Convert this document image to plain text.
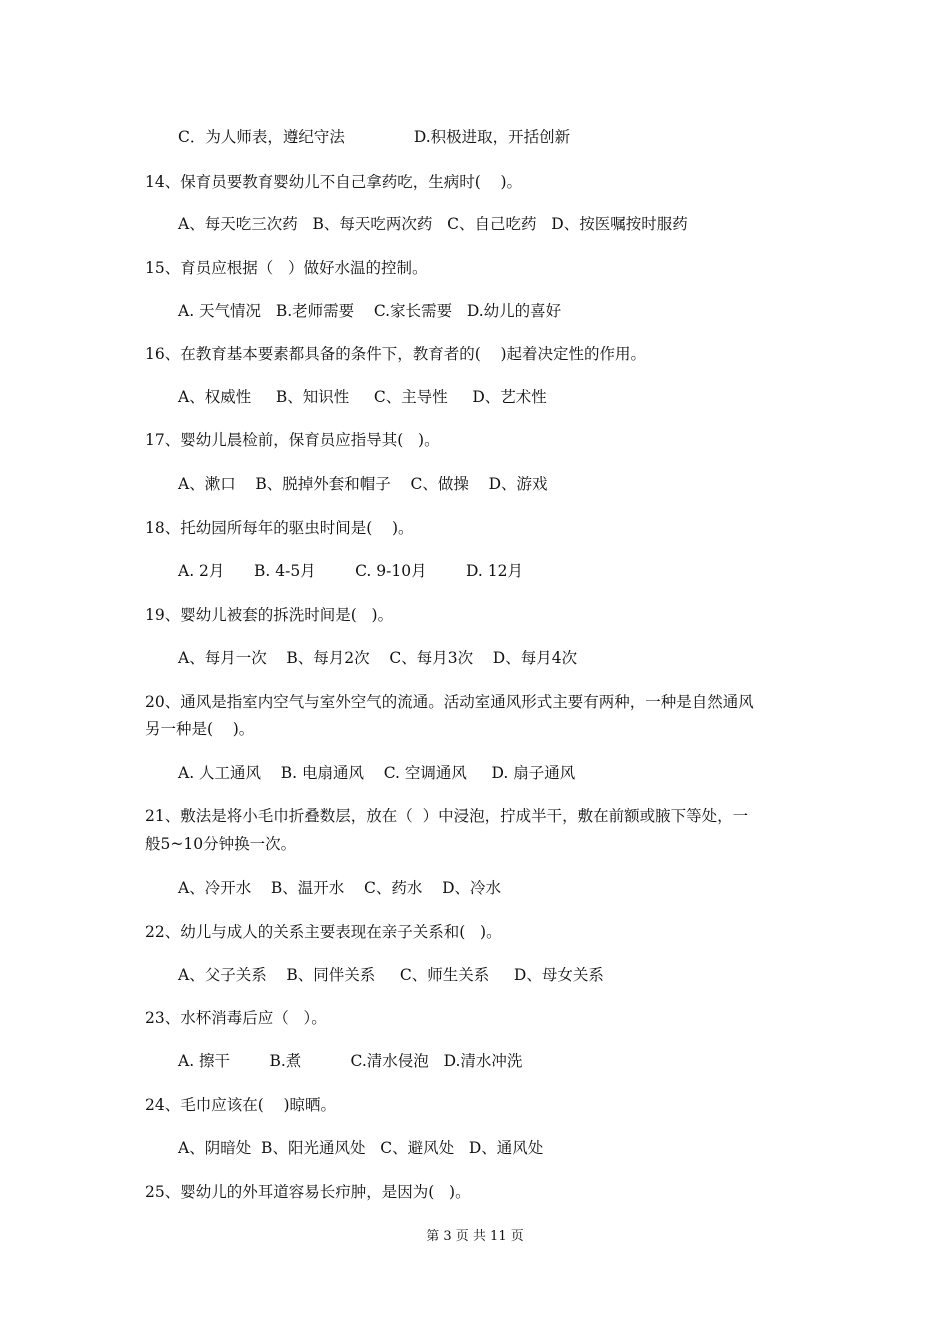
C．为人师表，遵纪守法              D.积极进取，开括创新
14、保育员要教育婴幼儿不自己拿药吃，生病时(    )。
A、每天吃三次药   B、每天吃两次药   C、自己吃药   D、按医嘱按时服药
15、育员应根据（   ）做好水温的控制。
A. 天气情况   B.老师需要    C.家长需要   D.幼儿的喜好
16、在教育基本要素都具备的条件下，教育者的(    )起着决定性的作用。
A、权威性     B、知识性     C、主导性     D、艺术性
17、婴幼儿晨检前，保育员应指导其(   )。
A、漱口    B、脱掉外套和帽子    C、做操    D、游戏
18、托幼园所每年的驱虫时间是(    )。
A. 2月      B. 4-5月        C. 9-10月        D. 12月
19、婴幼儿被套的拆洗时间是(   )。
A、每月一次    B、每月2次    C、每月3次    D、每月4次
20、通风是指室内空气与室外空气的流通。活动室通风形式主要有两种，一种是自然通风
另一种是(    )。
A. 人工通风    B. 电扇通风    C. 空调通风     D. 扇子通风
21、敷法是将小毛巾折叠数层，放在（  ）中浸泡，拧成半干，敷在前额或腋下等处，一
般5~10分钟换一次。
A、冷开水    B、温开水    C、药水    D、冷水
22、幼儿与成人的关系主要表现在亲子关系和(   )。
A、父子关系    B、同伴关系     C、师生关系     D、母女关系
23、水杯消毒后应（   ）。
A. 擦干        B.煮          C.清水侵泡   D.清水冲洗
24、毛巾应该在(    )晾晒。
A、阴暗处  B、阳光通风处   C、避风处   D、通风处
25、婴幼儿的外耳道容易长疖肿，是因为(   )。
第 3 页 共 11 页
